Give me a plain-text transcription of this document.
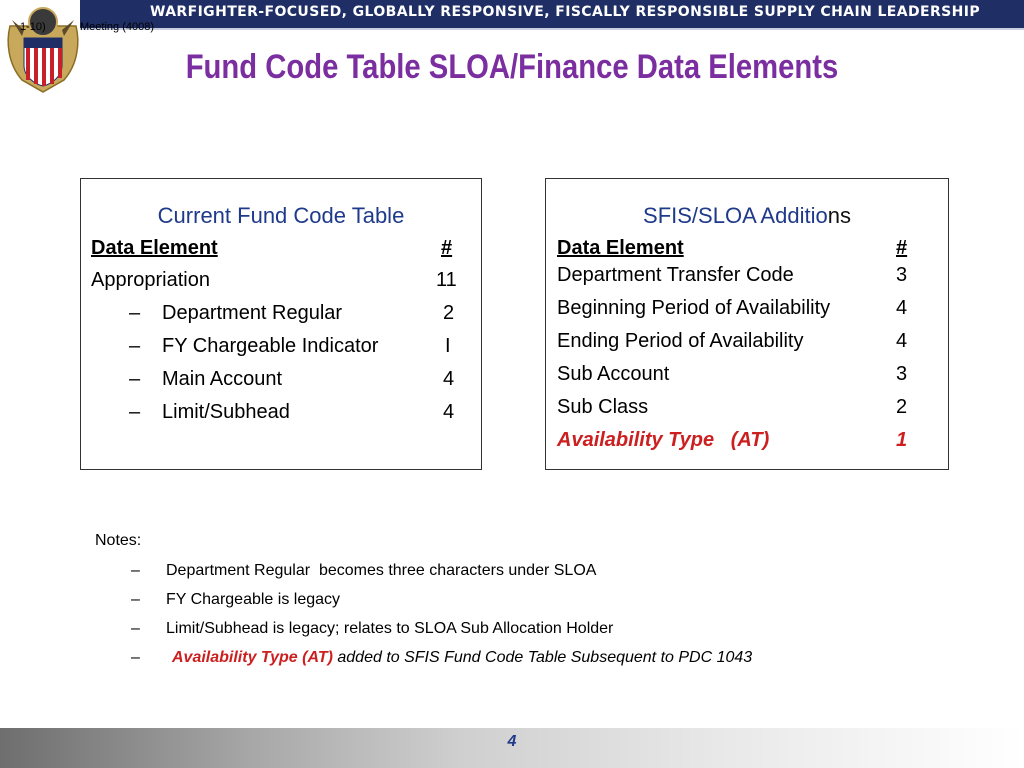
WARFIGHTER-FOCUSED, GLOBALLY RESPONSIVE, FISCALLY RESPONSIBLE SUPPLY CHAIN LEADERSHIP
1-10)	Meeting (4008)
Fund Code Table SLOA/Finance Data Elements
Current Fund Code Table
Data Element	#
Appropriation	11
– Department Regular	2
– FY Chargeable Indicator	I
– Main Account	4
– Limit/Subhead	4
SFIS/SLOA Additions
Data Element	#
Department Transfer Code	3
Beginning Period of Availability	4
Ending Period of Availability	4
Sub Account	3
Sub Class	2
Availability Type   (AT)	1
Notes:
– Department Regular  becomes three characters under SLOA
– FY Chargeable is legacy
– Limit/Subhead is legacy; relates to SLOA Sub Allocation Holder
– Availability Type (AT) added to SFIS Fund Code Table Subsequent to PDC 1043
4
